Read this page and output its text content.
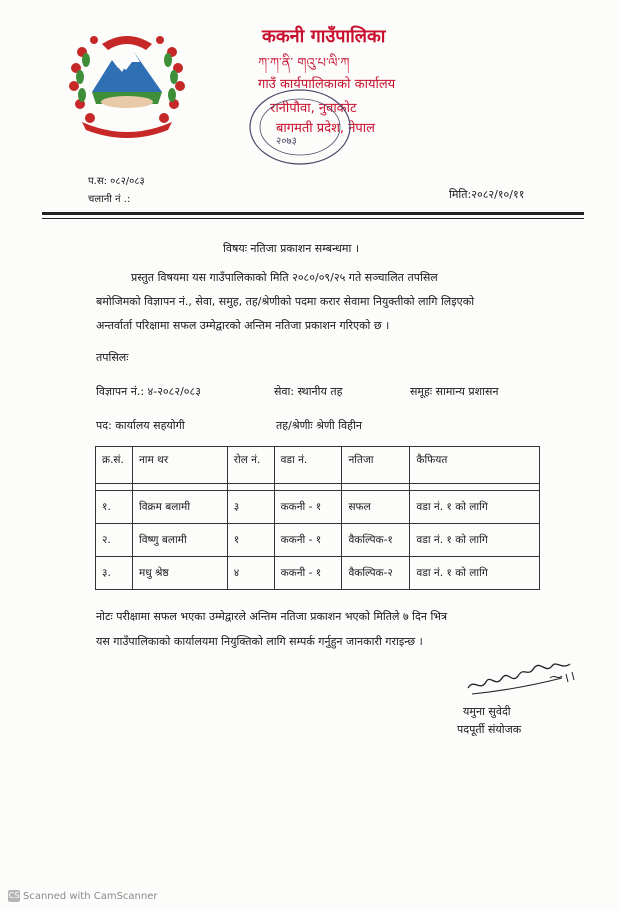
ककनी गाउँपालिका
ཀ་ཀ་ནི་ གའུ་པ་ལི་ཀ
गाउँ कार्यपालिकाको कार्यालय
रानीपौवा, नुवाकोट
बागमती प्रदेश, नेपाल
२०७३
प.स: ०८२/०८३
चलानी नं .:	मिति:२०८२/१०/११
विषयः नतिजा प्रकाशन सम्बन्धमा ।
प्रस्तुत विषयमा यस गाउँपालिकाको मिति २०८०/०९/२५ गते सञ्चालित तपसिल
बमोजिमको विज्ञापन नं., सेवा, समुह, तह/श्रेणीको पदमा करार सेवामा नियुक्तीको लागि लिइएको
अन्तर्वार्ता परिक्षामा सफल उम्मेद्वारको अन्तिम नतिजा प्रकाशन गरिएको छ ।
तपसिलः
विज्ञापन नं.: ४-२०८२/०८३	सेवा: स्थानीय तह	समूहः सामान्य प्रशासन
पद: कार्यालय सहयोगी	तह/श्रेणीः श्रेणी विहीन
क्र.सं.	नाम थर	रोल नं.	वडा नं.	नतिजा	कैफियत

१.	विक्रम बलामी	३	ककनी - १	सफल	वडा नं. १ को लागि
२.	विष्णु बलामी	१	ककनी - १	वैकल्पिक-१	वडा नं. १ को लागि
३.	मधु श्रेष्ठ	४	ककनी - १	वैकल्पिक-२	वडा नं. १ को लागि
नोटः परीक्षामा सफल भएका उम्मेद्वारले अन्तिम नतिजा प्रकाशन भएको मितिले ७ दिन भित्र
यस गाउँपालिकाको कार्यालयमा नियुक्तिको लागि सम्पर्क गर्नुहुन जानकारी गराइन्छ ।
यमुना सुवेदी
पदपूर्ती संयोजक
CS Scanned with CamScanner
